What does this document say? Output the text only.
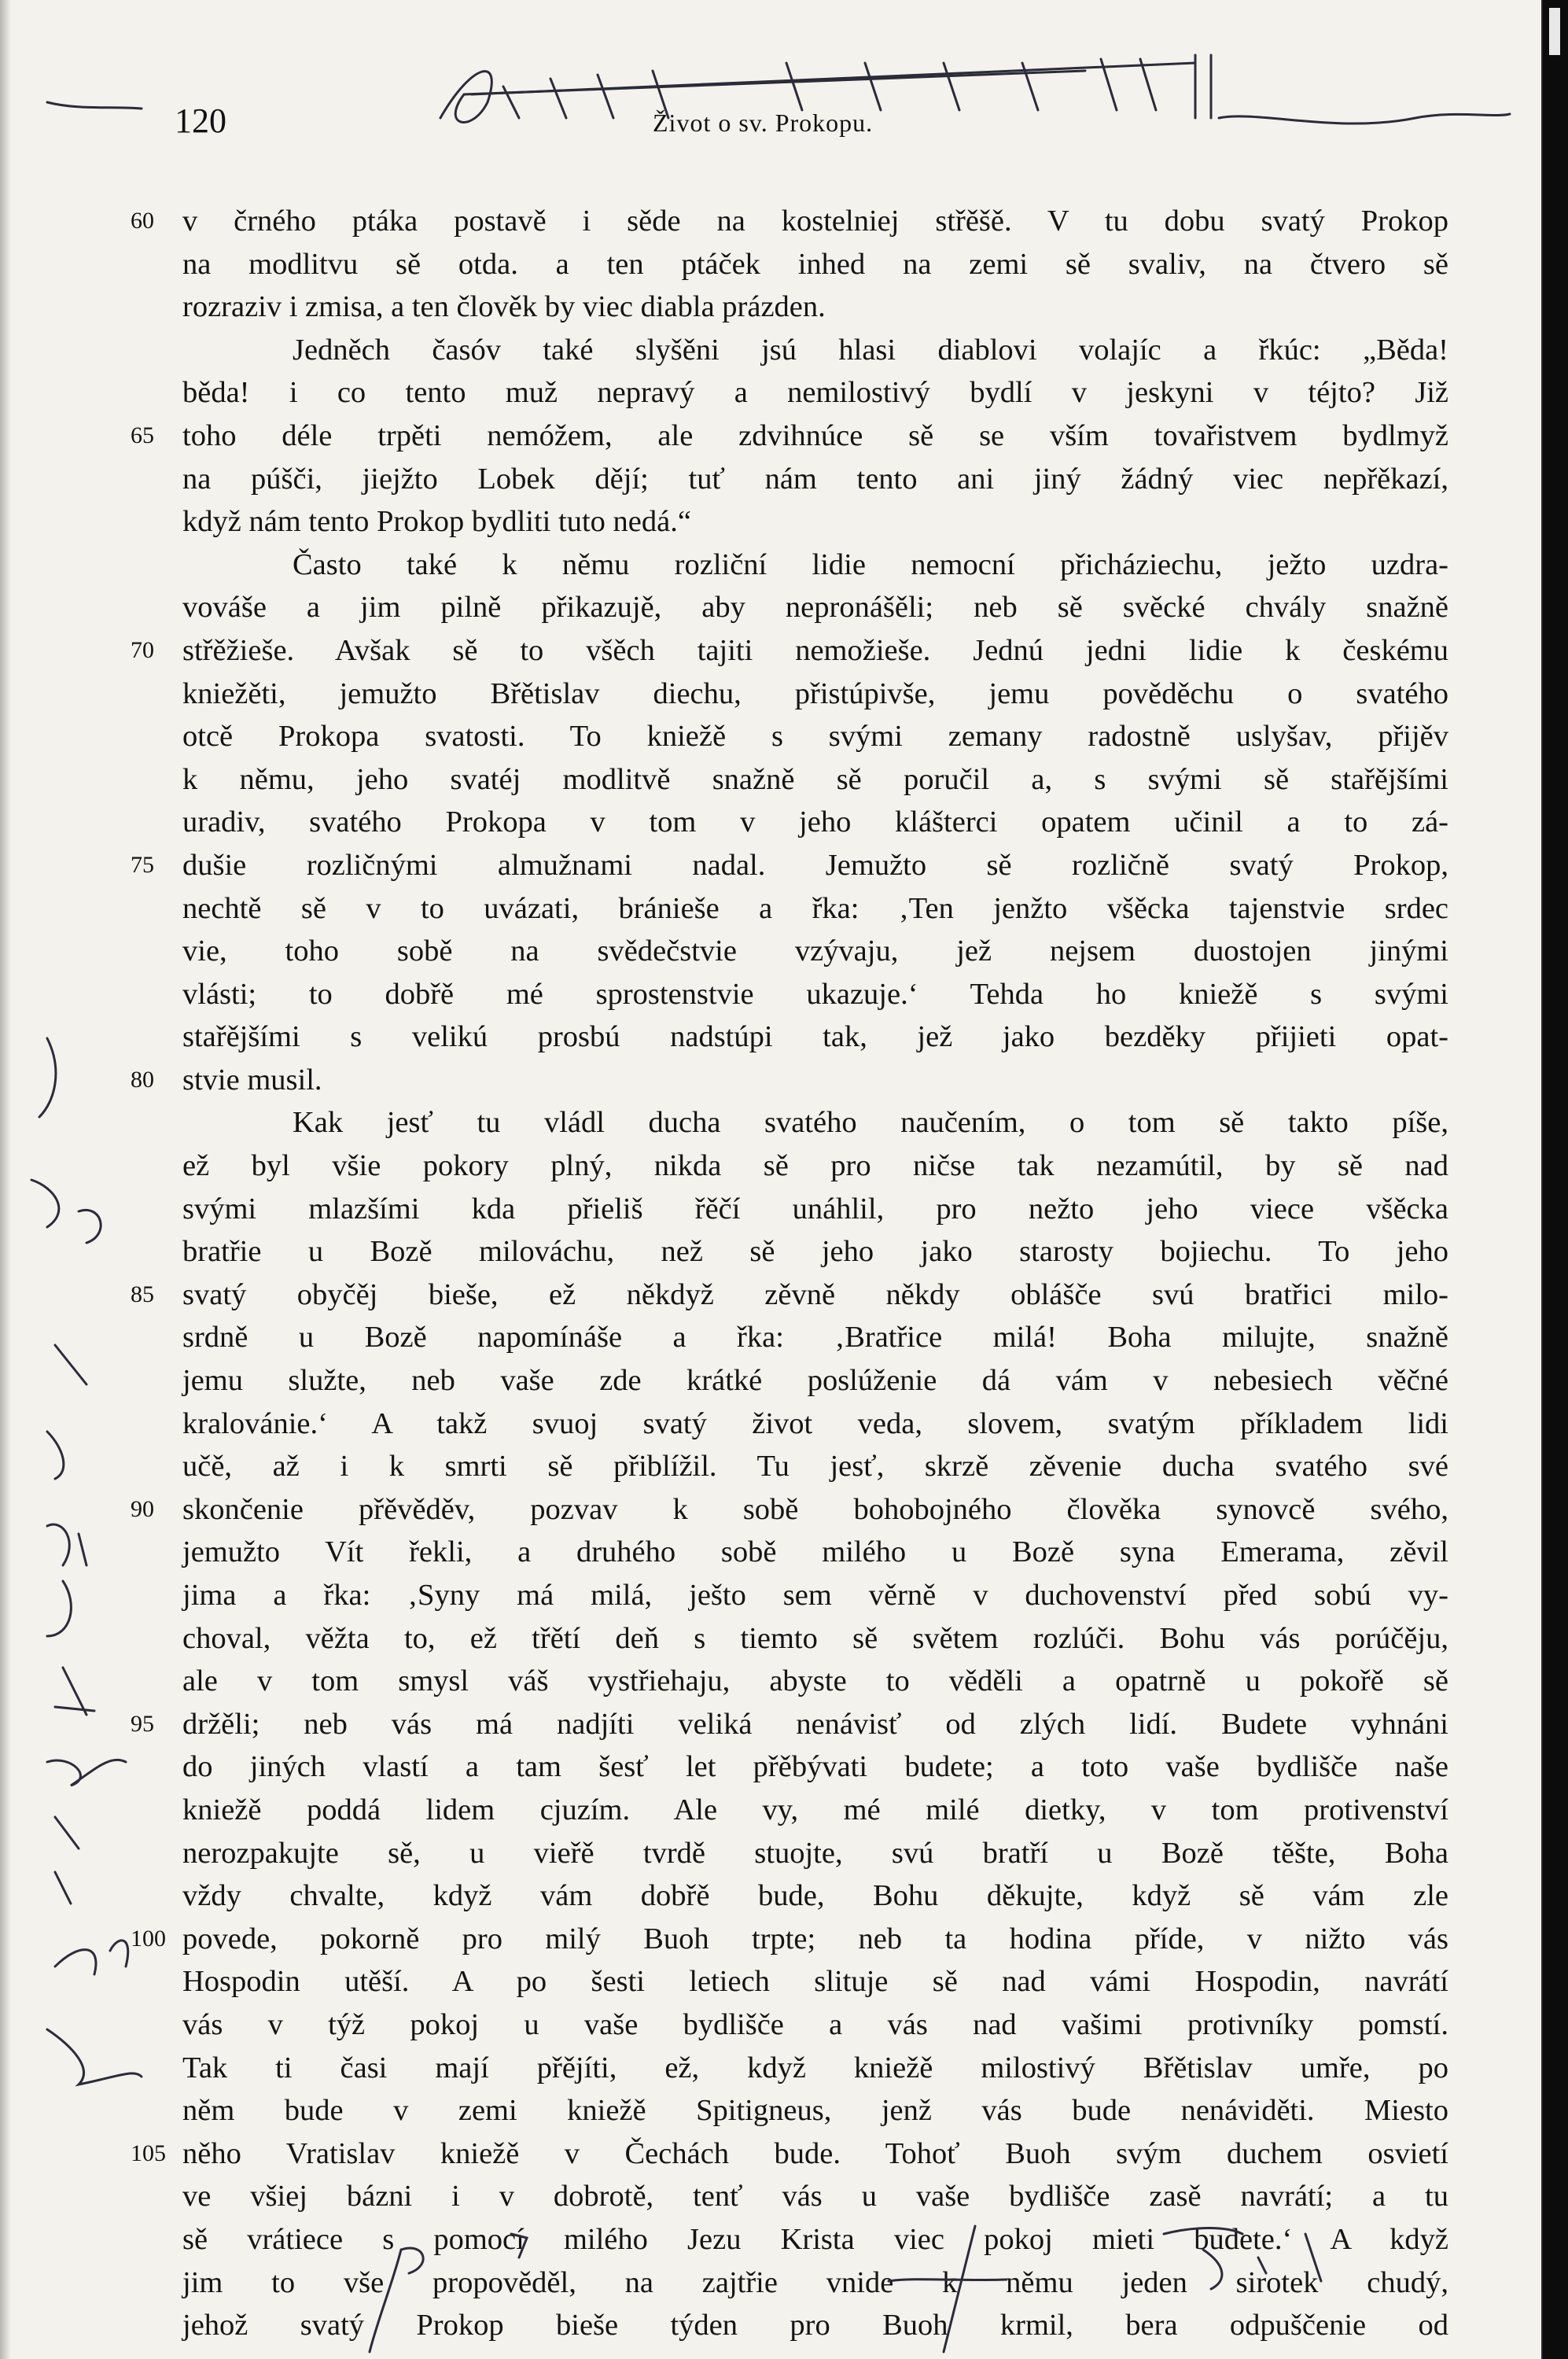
120	Život o sv. Prokopu.
60 v črného ptáka postavě i sěde na kostelniej střěšě. V tu dobu svatý Prokop
na modlitvu sě otda. a ten ptáček inhed na zemi sě svaliv, na čtvero sě
rozraziv i zmisa, a ten člověk by viec diabla prázden.
Jedněch časóv také slyšěni jsú hlasi diablovi volajíc a řkúc: „Běda!
běda! i co tento muž nepravý a nemilostivý bydlí v jeskyni v téjto? Již
65 toho déle trpěti nemóžem, ale zdvihnúce sě se vším tovařistvem bydlmyž
na púšči, jiejžto Lobek dějí; tuť nám tento ani jiný žádný viec nepřěkazí,
když nám tento Prokop bydliti tuto nedá.“
Často také k němu rozliční lidie nemocní přicháziechu, ježto uzdra-
vováše a jim pilně přikazujě, aby nepronášěli; neb sě svěcké chvály snažně
70 střěžieše. Avšak sě to všěch tajiti nemožieše. Jednú jedni lidie k českému
kniežěti, jemužto Břětislav diechu, přistúpivše, jemu pověděchu o svatého
otcě Prokopa svatosti. To kniežě s svými zemany radostně uslyšav, přijěv
k němu, jeho svatéj modlitvě snažně sě poručil a, s svými sě stařějšími
uradiv, svatého Prokopa v tom v jeho klášterci opatem učinil a to zá-
75 dušie rozličnými almužnami nadal. Jemužto sě rozličně svatý Prokop,
nechtě sě v to uvázati, bránieše a řka: ‚Ten jenžto všěcka tajenstvie srdec
vie, toho sobě na svědečstvie vzývaju, jež nejsem duostojen jinými
vlásti; to dobřě mé sprostenstvie ukazuje.‘ Tehda ho kniežě s svými
stařějšími s velikú prosbú nadstúpi tak, jež jako bezděky přijieti opat-
80 stvie musil.
Kak jesť tu vládl ducha svatého naučením, o tom sě takto píše,
ež byl všie pokory plný, nikda sě pro ničse tak nezamútil, by sě nad
svými mlazšími kda přieliš řěčí unáhlil, pro nežto jeho viece všěcka
bratřie u Bozě milováchu, než sě jeho jako starosty bojiechu. To jeho
85 svatý obyčěj bieše, ež někdyž zěvně někdy oblášče svú bratřici milo-
srdně u Bozě napomínáše a řka: ‚Bratřice milá! Boha milujte, snažně
jemu služte, neb vaše zde krátké poslúženie dá vám v nebesiech věčné
kralovánie.‘ A takž svuoj svatý život veda, slovem, svatým příkladem lidi
učě, až i k smrti sě přiblížil. Tu jesť, skrzě zěvenie ducha svatého své
90 skončenie přěvěděv, pozvav k sobě bohobojného člověka synovcě svého,
jemužto Vít řekli, a druhého sobě milého u Bozě syna Emerama, zěvil
jima a řka: ‚Syny má milá, ješto sem věrně v duchovenství před sobú vy-
choval, věžta to, ež třětí deň s tiemto sě světem rozlúči. Bohu vás porúčěju,
ale v tom smysl váš vystřiehaju, abyste to věděli a opatrně u pokořě sě
95 držěli; neb vás má nadjíti veliká nenávisť od zlých lidí. Budete vyhnáni
do jiných vlastí a tam šesť let přěbývati budete; a toto vaše bydlišče naše
kniežě poddá lidem cjuzím. Ale vy, mé milé dietky, v tom protivenství
nerozpakujte sě, u vieřě tvrdě stuojte, svú bratří u Bozě těšte, Boha
vždy chvalte, když vám dobřě bude, Bohu děkujte, když sě vám zle
100 povede, pokorně pro milý Buoh trpte; neb ta hodina příde, v nižto vás
Hospodin utěší. A po šesti letiech slituje sě nad vámi Hospodin, navrátí
vás v týž pokoj u vaše bydlišče a vás nad vašimi protivníky pomstí.
Tak ti časi mají přějíti, ež, když kniežě milostivý Břětislav umře, po
něm bude v zemi kniežě Spitigneus, jenž vás bude nenáviděti. Miesto
105 něho Vratislav kniežě v Čechách bude. Tohoť Buoh svým duchem osvietí
ve všiej bázni i v dobrotě, tenť vás u vaše bydlišče zasě navrátí; a tu
sě vrátiece s pomocí milého Jezu Krista viec pokoj mieti budete.‘ A když
jim to vše propověděl, na zajtřie vnide k němu jeden sirotek chudý,
jehož svatý Prokop bieše týden pro Buoh krmil, bera odpuščenie od
